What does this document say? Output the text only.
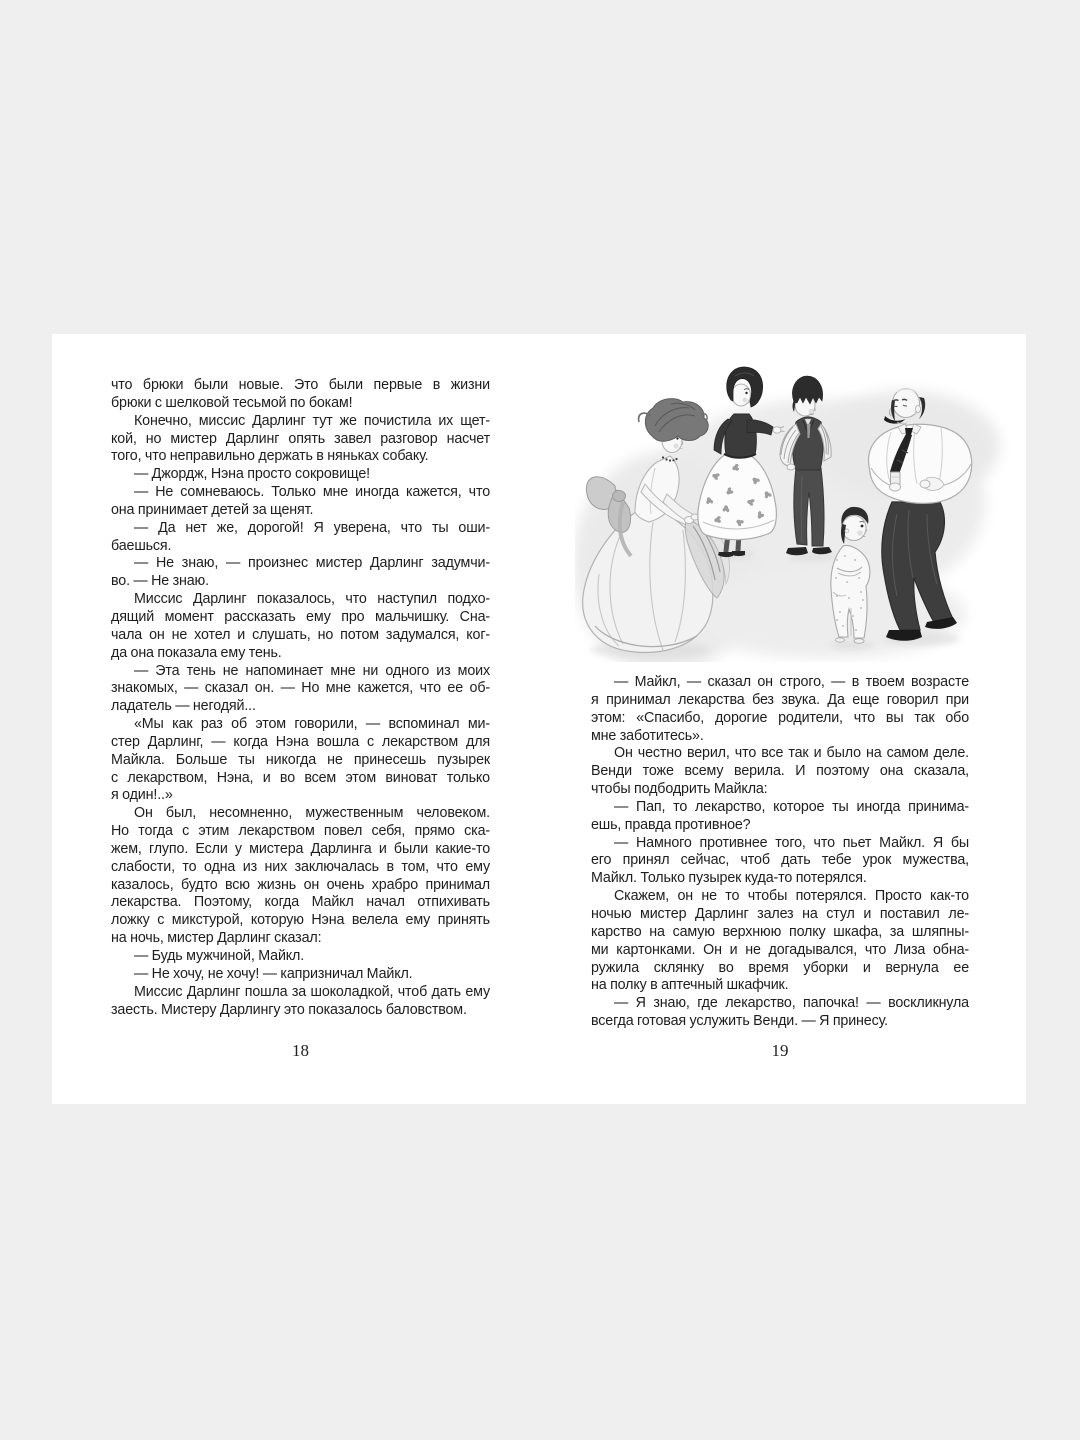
что брюки были новые. Это были первые в жизни
брюки с шелковой тесьмой по бокам!
Конечно, миссис Дарлинг тут же почистила их щет-
кой, но мистер Дарлинг опять завел разговор насчет
того, что неправильно держать в няньках собаку.
— Джордж, Нэна просто сокровище!
— Не сомневаюсь. Только мне иногда кажется, что
она принимает детей за щенят.
— Да нет же, дорогой! Я уверена, что ты оши-
баешься.
— Не знаю, — произнес мистер Дарлинг задумчи-
во. — Не знаю.
Миссис Дарлинг показалось, что наступил подхо-
дящий момент рассказать ему про мальчишку. Сна-
чала он не хотел и слушать, но потом задумался, ког-
да она показала ему тень.
— Эта тень не напоминает мне ни одного из моих
знакомых, — сказал он. — Но мне кажется, что ее об-
ладатель — негодяй...
«Мы как раз об этом говорили, — вспоминал ми-
стер Дарлинг, — когда Нэна вошла с лекарством для
Майкла. Больше ты никогда не принесешь пузырек
с лекарством, Нэна, и во всем этом виноват только
я один!..»
Он был, несомненно, мужественным человеком.
Но тогда с этим лекарством повел себя, прямо ска-
жем, глупо. Если у мистера Дарлинга и были какие-то
слабости, то одна из них заключалась в том, что ему
казалось, будто всю жизнь он очень храбро принимал
лекарства. Поэтому, когда Майкл начал отпихивать
ложку с микстурой, которую Нэна велела ему принять
на ночь, мистер Дарлинг сказал:
— Будь мужчиной, Майкл.
— Не хочу, не хочу! — капризничал Майкл.
Миссис Дарлинг пошла за шоколадкой, чтоб дать ему
заесть. Мистеру Дарлингу это показалось баловством.
— Майкл, — сказал он строго, — в твоем возрасте
я принимал лекарства без звука. Да еще говорил при
этом: «Спасибо, дорогие родители, что вы так обо
мне заботитесь».
Он честно верил, что все так и было на самом деле.
Венди тоже всему верила. И поэтому она сказала,
чтобы подбодрить Майкла:
— Пап, то лекарство, которое ты иногда принима-
ешь, правда противное?
— Намного противнее того, что пьет Майкл. Я бы
его принял сейчас, чтоб дать тебе урок мужества,
Майкл. Только пузырек куда-то потерялся.
Скажем, он не то чтобы потерялся. Просто как-то
ночью мистер Дарлинг залез на стул и поставил ле-
карство на самую верхнюю полку шкафа, за шляпны-
ми картонками. Он и не догадывался, что Лиза обна-
ружила склянку во время уборки и вернула ее
на полку в аптечный шкафчик.
— Я знаю, где лекарство, папочка! — воскликнула
всегда готовая услужить Венди. — Я принесу.
18	19
